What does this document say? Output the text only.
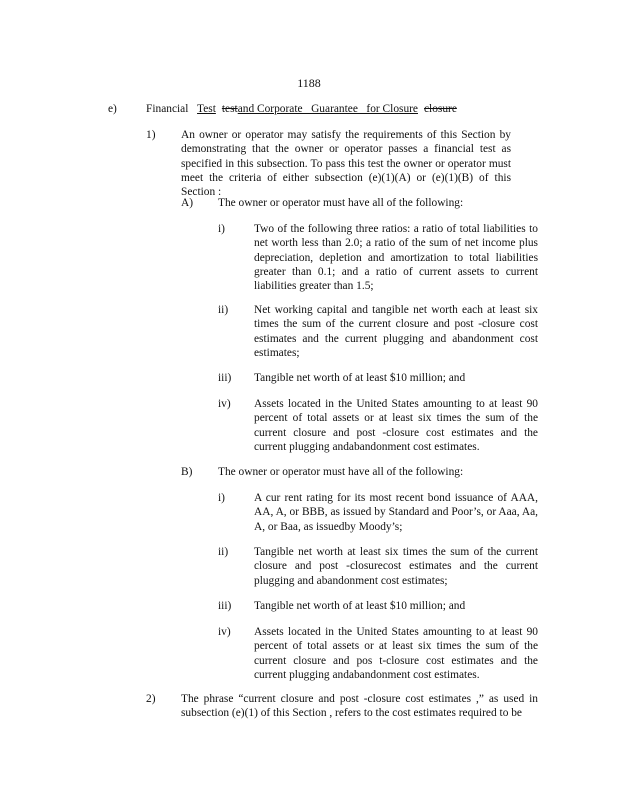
1188
e)	Financial Test testand Corporate   Guarantee   for Closure closure
1) An owner or operator may satisfy the requirements of this Section by demonstrating that the owner or operator passes a financial test as specified in this subsection. To pass this test the owner or operator must meet the criteria of either subsection (e)(1)(A) or (e)(1)(B) of this Section :
A) The owner or operator must have all of the following:
i)	Two of the following three ratios: a ratio of total liabilities to net worth less than 2.0; a ratio of the sum of net income plus depreciation, depletion and amortization to total liabilities greater than 0.1; and a ratio of current assets to current liabilities greater than 1.5;
ii) Net working capital and tangible net worth each at least six times the sum of the current closure and post -closure cost estimates and the current plugging and abandonment cost estimates;
iii) Tangible net worth of at least $10 million; and
iv) Assets located in the United States amounting to at least 90 percent of total assets or at least six times the sum of the current closure and post -closure cost estimates and the current plugging andabandonment cost estimates.
B) The owner or operator must have all of the following:
i)	A cur rent rating for its most recent bond issuance of AAA, AA, A, or BBB, as issued by Standard and Poor’s, or Aaa, Aa, A, or Baa, as issuedby Moody’s;
ii) Tangible net worth at least six times the sum of the current closure and post -closurecost estimates and the current plugging and abandonment cost estimates;
iii) Tangible net worth of at least $10 million; and
iv) Assets located in the United States amounting to at least 90 percent of total assets or at least six times the sum of the current closure and pos t-closure cost estimates and the current plugging andabandonment cost estimates.
2) The phrase “current closure and post -closure cost estimates ,” as used in subsection (e)(1) of this Section , refers to the cost estimates required to be
